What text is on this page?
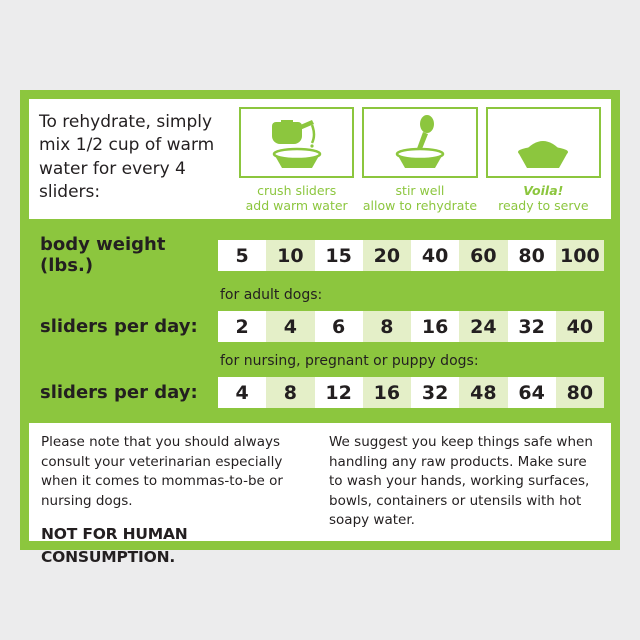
To rehydrate, simply mix 1/2 cup of warm water for every 4 sliders:	crush sliders
add warm water
stir well
allow to rehydrate
Voila!
ready to serve
body weight (lbs.)	5	10	15	20	40	60	80 100
for adult dogs:
sliders per day:	2	4	6	8	16	24	32	40
for nursing, pregnant or puppy dogs:
sliders per day:	4	8	12	16	32	48	64	80
Please note that you should always consult your veterinarian especially when it comes to mommas-to-be or nursing dogs.
NOT FOR HUMAN CONSUMPTION.
We suggest you keep things safe when handling any raw products. Make sure to wash your hands, working surfaces, bowls, containers or utensils with hot soapy water.
